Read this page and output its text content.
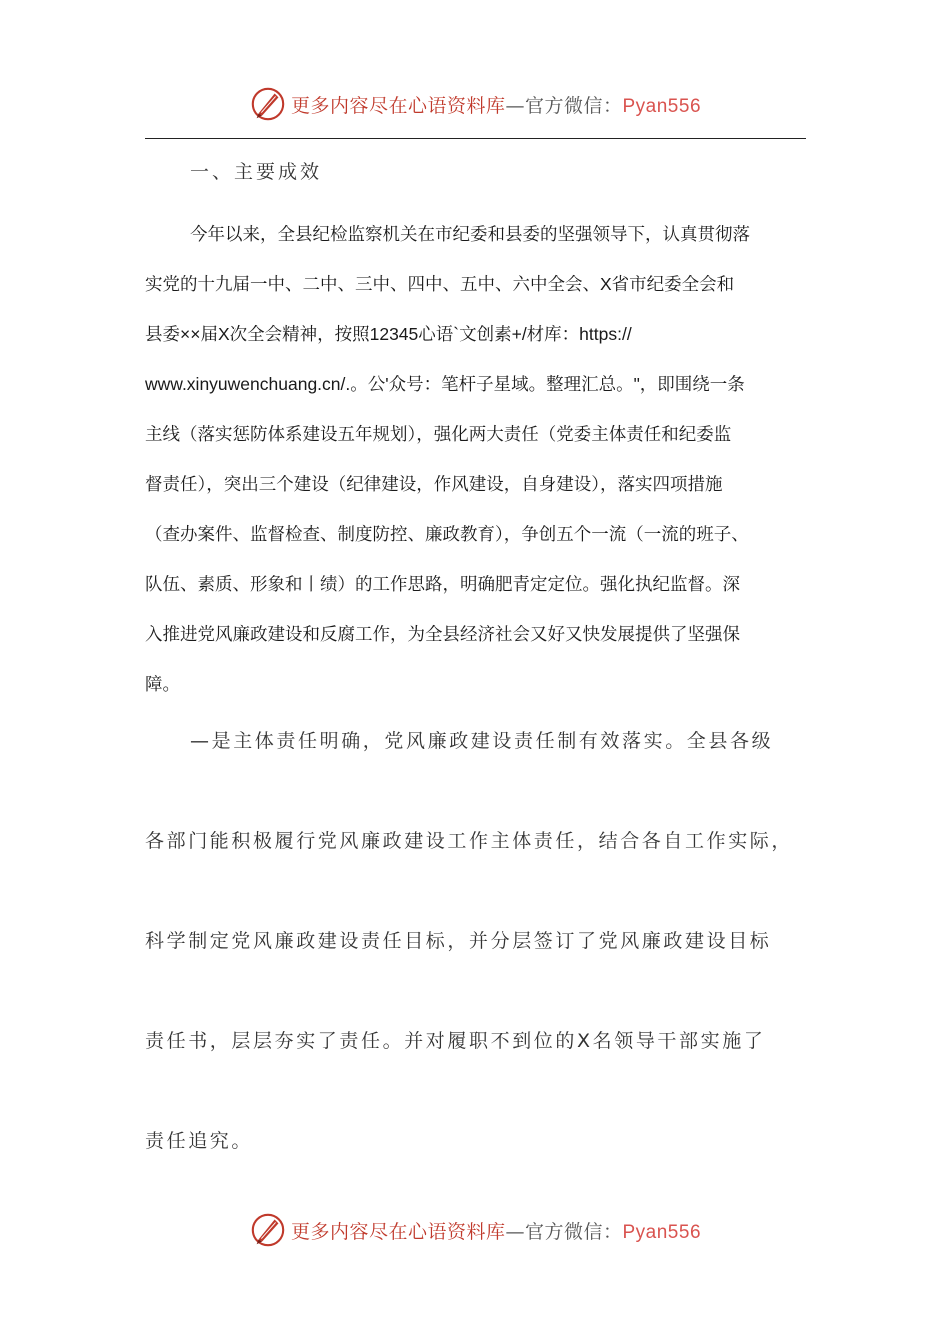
更多内容尽在心语资料库—官方微信：Pyan556
一、主要成效
今年以来，全县纪检监察机关在市纪委和县委的坚强领导下，认真贯彻落
实党的十九届一中、二中、三中、四中、五中、六中全会、X省市纪委全会和
县委××届X次全会精神，按照12345心语`文创素+/材库：https://
www.xinyuwenchuang.cn/.。公'众号：笔杆子星域。整理汇总。"，即围绕一条
主线（落实惩防体系建设五年规划），强化两大责任（党委主体责任和纪委监
督责任），突出三个建设（纪律建设，作风建设，自身建设），落实四项措施
（查办案件、监督检查、制度防控、廉政教育），争创五个一流（一流的班子、
队伍、素质、形象和丨绩）的工作思路，明确肥青定定位。强化执纪监督。深
入推进党风廉政建设和反腐工作，为全县经济社会又好又快发展提供了坚强保
障。
—是主体责任明确，党风廉政建设责任制有效落实。全县各级
各部门能积极履行党风廉政建设工作主体责任，结合各自工作实际，
科学制定党风廉政建设责任目标，并分层签订了党风廉政建设目标
责任书，层层夯实了责任。并对履职不到位的X名领导干部实施了
责任追究。
更多内容尽在心语资料库—官方微信：Pyan556
